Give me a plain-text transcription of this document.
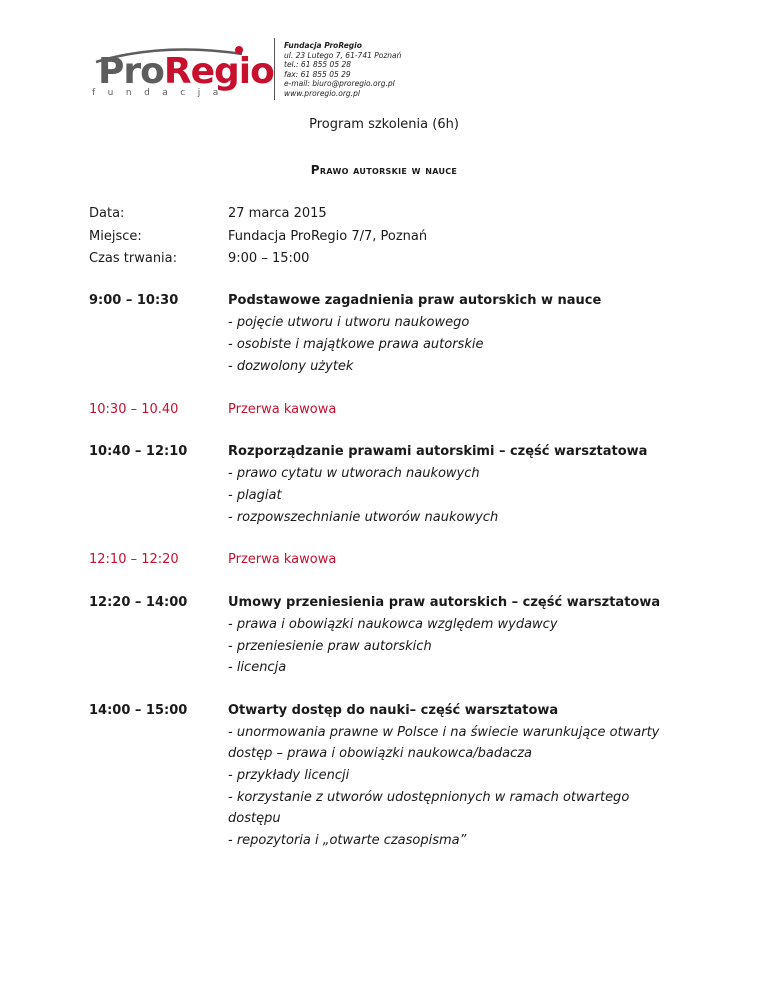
ProRegio
fundacja
Fundacja ProRegio
ul. 23 Lutego 7, 61-741 Poznań
tel.: 61 855 05 28
fax: 61 855 05 29
e-mail: biuro@proregio.org.pl
www.proregio.org.pl
Program szkolenia (6h)
Prawo autorskie w nauce
Data:	27 marca 2015
Miejsce:	Fundacja ProRegio 7/7, Poznań
Czas trwania:	9:00 – 15:00
9:00 – 10:30	Podstawowe zagadnienia praw autorskich w nauce
- pojęcie utworu i utworu naukowego
- osobiste i majątkowe prawa autorskie
- dozwolony użytek
10:30 – 10.40	Przerwa kawowa
10:40 – 12:10	Rozporządzanie prawami autorskimi – część warsztatowa
- prawo cytatu w utworach naukowych
- plagiat
- rozpowszechnianie utworów naukowych
12:10 – 12:20	Przerwa kawowa
12:20 – 14:00	Umowy przeniesienia praw autorskich – część warsztatowa
- prawa i obowiązki naukowca względem wydawcy
- przeniesienie praw autorskich
- licencja
14:00 – 15:00	Otwarty dostęp do nauki– część warsztatowa
- unormowania prawne w Polsce i na świecie warunkujące otwarty
dostęp – prawa i obowiązki naukowca/badacza
- przykłady licencji
- korzystanie z utworów udostępnionych w ramach otwartego
dostępu
- repozytoria i „otwarte czasopisma”
